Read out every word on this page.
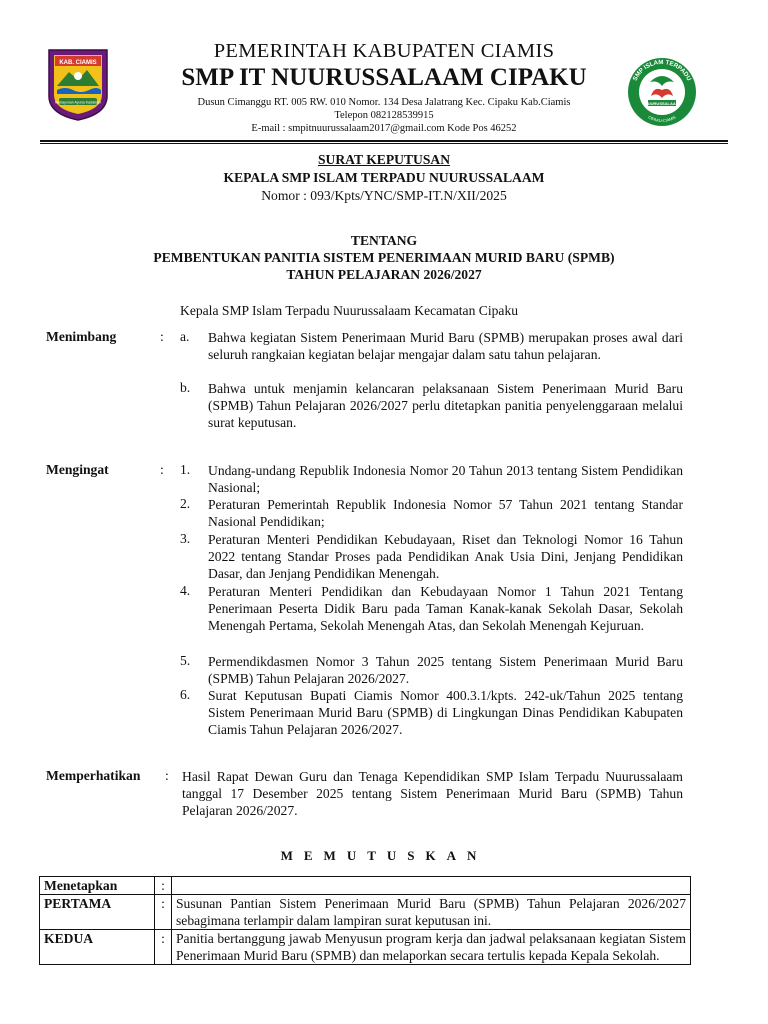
KAB. CIAMIS
Mahayunan Ayuna Kadatuan
SMP ISLAM TERPADU
CIPAKU-CIAMIS
NUURUSSALAAM
PEMERINTAH KABUPATEN CIAMIS
SMP IT NUURUSSALAAM CIPAKU
Dusun Cimanggu RT. 005 RW. 010 Nomor. 134 Desa Jalatrang Kec. Cipaku Kab.Ciamis
Telepon 082128539915
E-mail : smpitnuurussalaam2017@gmail.com Kode Pos 46252
SURAT KEPUTUSAN
KEPALA SMP ISLAM TERPADU NUURUSSALAAM
Nomor : 093/Kpts/YNC/SMP-IT.N/XII/2025
TENTANG
PEMBENTUKAN PANITIA SISTEM PENERIMAAN MURID BARU (SPMB)
TAHUN PELAJARAN 2026/2027
Kepala SMP Islam Terpadu Nuurussalaam Kecamatan Cipaku
Menimbang	: a. Bahwa kegiatan Sistem Penerimaan Murid Baru (SPMB) merupakan proses awal dari seluruh rangkaian kegiatan belajar mengajar dalam satu tahun pelajaran.
b. Bahwa untuk menjamin kelancaran pelaksanaan Sistem Penerimaan Murid Baru (SPMB) Tahun Pelajaran 2026/2027 perlu ditetapkan panitia penyelenggaraan melalui surat keputusan.
Mengingat	: 1. Undang-undang Republik Indonesia Nomor 20 Tahun 2013 tentang Sistem Pendidikan Nasional;
2. Peraturan Pemerintah Republik Indonesia Nomor 57 Tahun 2021 tentang Standar Nasional Pendidikan;
3. Peraturan Menteri Pendidikan Kebudayaan, Riset dan Teknologi Nomor 16 Tahun 2022 tentang Standar Proses pada Pendidikan Anak Usia Dini, Jenjang Pendidikan Dasar, dan Jenjang Pendidikan Menengah.
4. Peraturan Menteri Pendidikan dan Kebudayaan Nomor 1 Tahun 2021 Tentang Penerimaan Peserta Didik Baru pada Taman Kanak-kanak Sekolah Dasar, Sekolah Menengah Pertama, Sekolah Menengah Atas, dan Sekolah Menengah Kejuruan.
5. Permendikdasmen Nomor 3 Tahun 2025 tentang Sistem Penerimaan Murid Baru (SPMB) Tahun Pelajaran 2026/2027.
6. Surat Keputusan Bupati Ciamis Nomor 400.3.1/kpts. 242-uk/Tahun 2025 tentang Sistem Penerimaan Murid Baru (SPMB) di Lingkungan Dinas Pendidikan Kabupaten Ciamis Tahun Pelajaran 2026/2027.
Memperhatikan : Hasil Rapat Dewan Guru dan Tenaga Kependidikan SMP Islam Terpadu Nuurussalaam tanggal 17 Desember 2025 tentang Sistem Penerimaan Murid Baru (SPMB) Tahun Pelajaran 2026/2027.
MEMUTUSKAN
Menetapkan	:	
PERTAMA	:	Susunan Pantian Sistem Penerimaan Murid Baru (SPMB) Tahun Pelajaran 2026/2027 sebagimana terlampir dalam lampiran surat keputusan ini.
KEDUA	:	Panitia bertanggung jawab Menyusun program kerja dan jadwal pelaksanaan kegiatan Sistem Penerimaan Murid Baru (SPMB) dan melaporkan secara tertulis kepada Kepala Sekolah.
